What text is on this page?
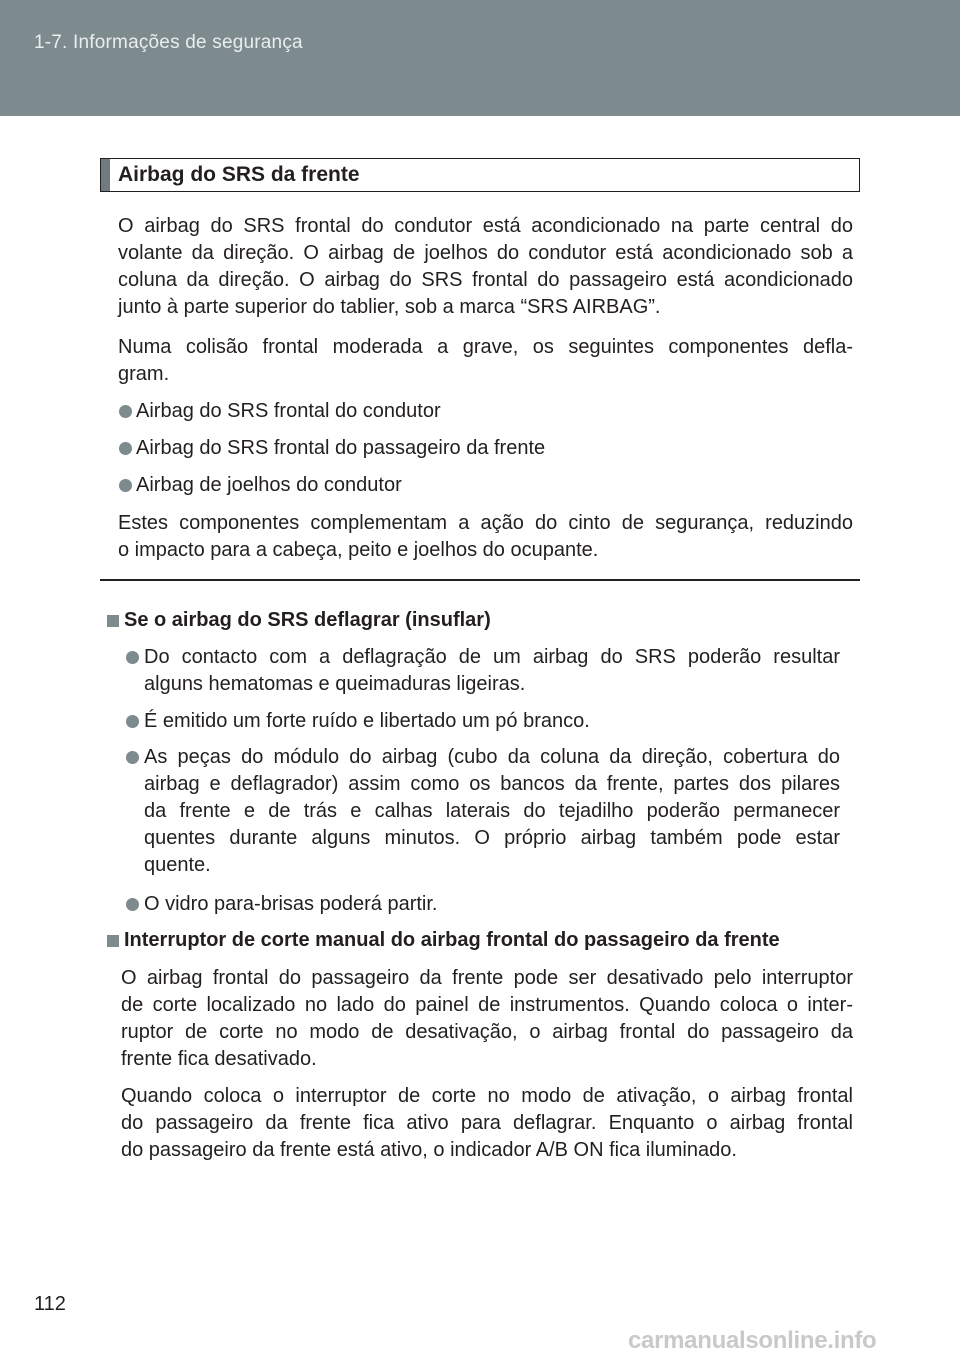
1-7. Informações de segurança
Airbag do SRS da frente
O airbag do SRS frontal do condutor está acondicionado na parte central do
volante da direção. O airbag de joelhos do condutor está acondicionado sob a
coluna da direção. O airbag do SRS frontal do passageiro está acondicionado
junto à parte superior do tablier, sob a marca “SRS AIRBAG”.
Numa colisão frontal moderada a grave, os seguintes componentes defla-
gram.
Airbag do SRS frontal do condutor
Airbag do SRS frontal do passageiro da frente
Airbag de joelhos do condutor
Estes componentes complementam a ação do cinto de segurança, reduzindo
o impacto para a cabeça, peito e joelhos do ocupante.
Se o airbag do SRS deflagrar (insuflar)
Do contacto com a deflagração de um airbag do SRS poderão resultar
alguns hematomas e queimaduras ligeiras.
É emitido um forte ruído e libertado um pó branco.
As peças do módulo do airbag (cubo da coluna da direção, cobertura do
airbag e deflagrador) assim como os bancos da frente, partes dos pilares
da frente e de trás e calhas laterais do tejadilho poderão permanecer
quentes durante alguns minutos. O próprio airbag também pode estar
quente.
O vidro para-brisas poderá partir.
Interruptor de corte manual do airbag frontal do passageiro da frente
O airbag frontal do passageiro da frente pode ser desativado pelo interruptor
de corte localizado no lado do painel de instrumentos. Quando coloca o inter-
ruptor de corte no modo de desativação, o airbag frontal do passageiro da
frente fica desativado.
Quando coloca o interruptor de corte no modo de ativação, o airbag frontal
do passageiro da frente fica ativo para deflagrar. Enquanto o airbag frontal
do passageiro da frente está ativo, o indicador A/B ON fica iluminado.
112
carmanualsonline.info
